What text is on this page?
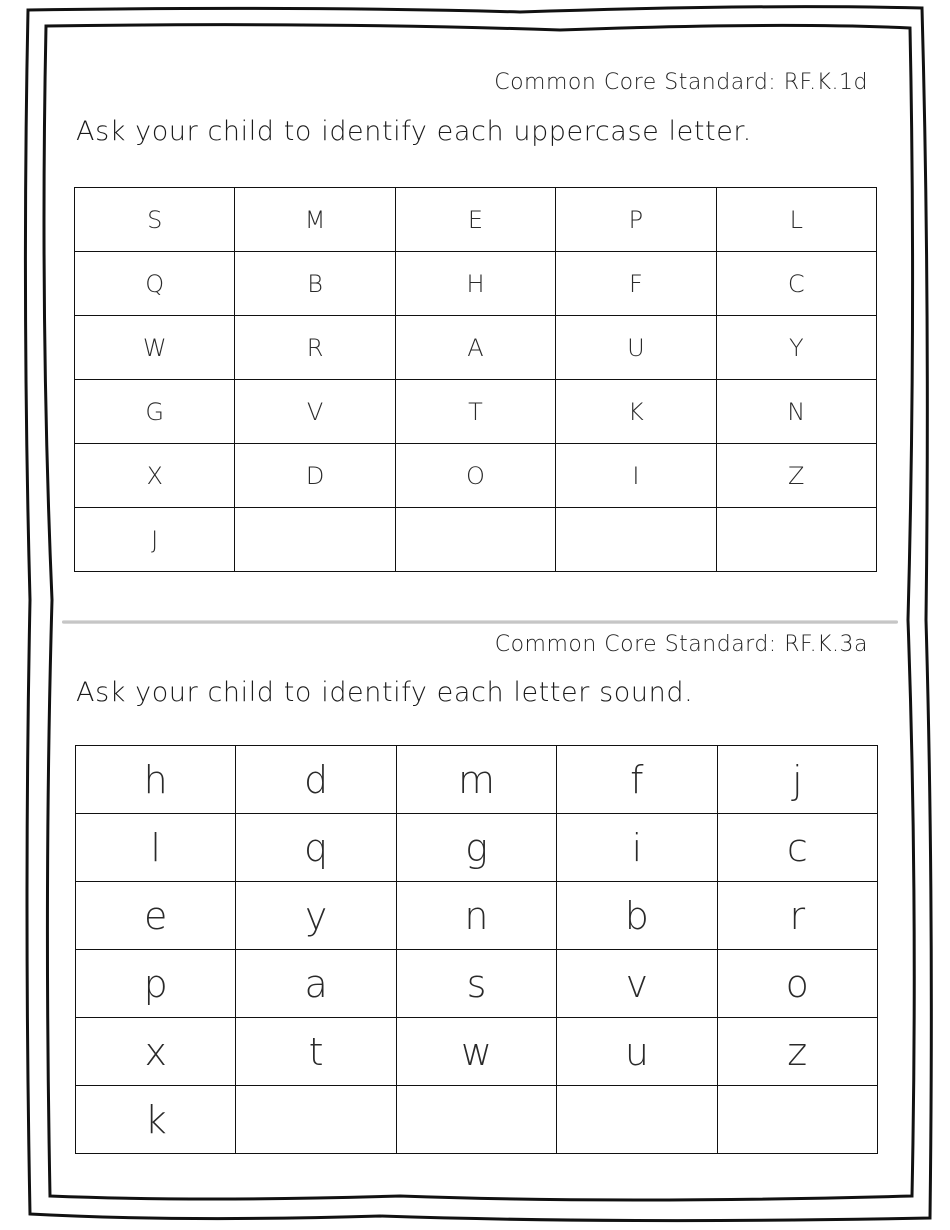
Common Core Standard: RF.K.1d
Ask your child to identify each uppercase letter.
S	M	E	P	L
Q	B	H	F	C
W	R	A	U	Y
G	V	T	K	N
X	D	O	I	Z
J				
Common Core Standard: RF.K.3a
Ask your child to identify each letter sound.
h	d	m	f	j
l	q	g	i	c
e	y	n	b	r
p	a	s	v	o
x	t	w	u	z
k				
